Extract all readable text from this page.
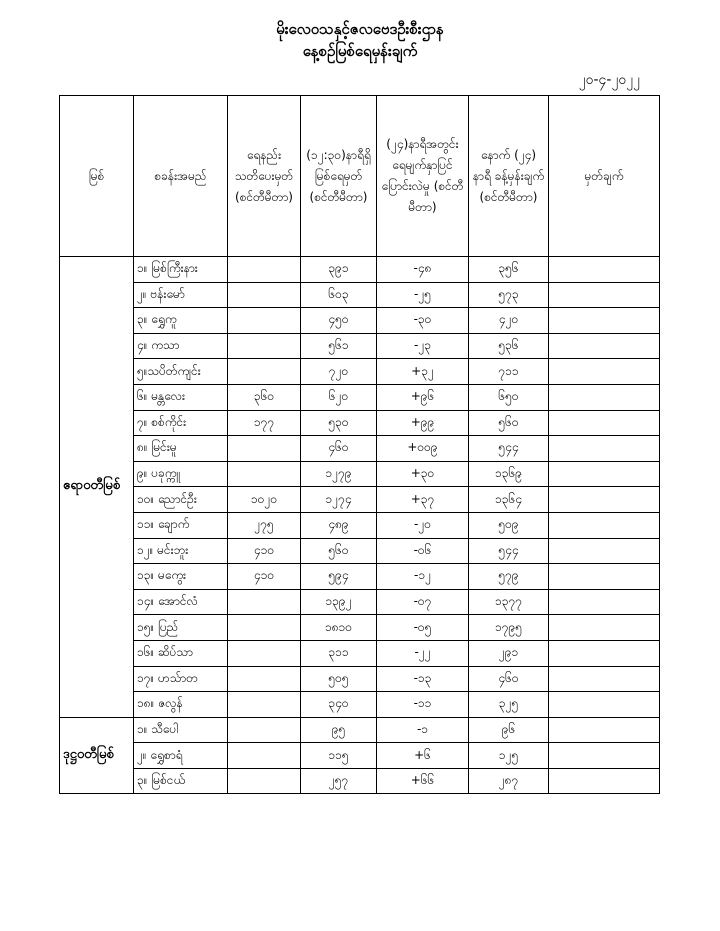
မိုးလေဝသနှင့်ဇလဗေဒဦးစီးဌာန
နေ့စဉ်မြစ်ရေမှန်းချက်
၂၀-၄-၂၀၂၂
မြစ်	စခန်းအမည်	ရေနည်း သတိပေးမှတ် (စင်တီမီတာ)	(၁၂:၃၀)နာရီရှိ မြစ်ရေမှတ် (စင်တီမီတာ)	(၂၄)နာရီအတွင်း ရေမျက်နှာပြင် ပြောင်းလဲမှု (စင်တီမီတာ)	နောက် (၂၄) နာရီ ခန့်မှန်းချက် (စင်တီမီတာ)	မှတ်ချက်
ဧရာဝတီမြစ်	၁။ မြစ်ကြီးနား		၃၉၁	-၄၈	၃၅၆	
	၂။ ဗန်းမော်		၆၀၃	-၂၅	၅၇၃	
	၃။ ရွှေကူ		၄၅၀	-၃၀	၄၂၀	
	၄။ ကသာ		၅၆၁	-၂၃	၅၃၆	
	၅။သပိတ်ကျင်း		၇၂၀	+၃၂	၇၁၁	
	၆။ မန္တလေး	၃၆၀	၆၂၀	+၉၆	၆၅၀	
	၇။ စစ်ကိုင်း	၁၇၇	၅၃၀	+၉၉	၅၆၀	
	၈။ မြင်းမူ		၄၆၀	+၀၀၉	၅၄၄	
	၉။ ပခုက္ကူ		၁၂၇၉	+၃၀	၁၃၆၉	
	၁၀။ ညောင်ဦး	၁၀၂၀	၁၂၇၄	+၃၇	၁၃၆၄	
	၁၁။ ချောက်	၂၇၅	၄၈၉	-၂၀	၅၀၉	
	၁၂။ မင်းဘူး	၄၁၀	၅၆၀	-၀၆	၅၄၄	
	၁၃။ မကွေး	၄၁၀	၅၉၄	-၁၂	၅၇၉	
	၁၄။ အောင်လံ		၁၃၉၂	-၀၇	၁၃၇၇	
	၁၅။ ပြည်		၁၈၁၀	-၀၅	၁၇၉၅	
	၁၆။ ဆိပ်သာ		၃၁၁	-၂၂	၂၉၁	
	၁၇။ ဟသ်ာတ		၅၀၅	-၁၃	၄၆၀	
	၁၈။ ဇလွန်		၃၄၀	-၁၁	၃၂၅	
ဒုဋ္ဌဝတီမြစ်	၁။ သီပေါ		၉၅	-၁	၉၆	
	၂။ ရွှေစာရံ		၁၁၅	+၆	၁၂၅	
	၃။ မြစ်ငယ်		၂၅၇	+၆၆	၂၈၇	
